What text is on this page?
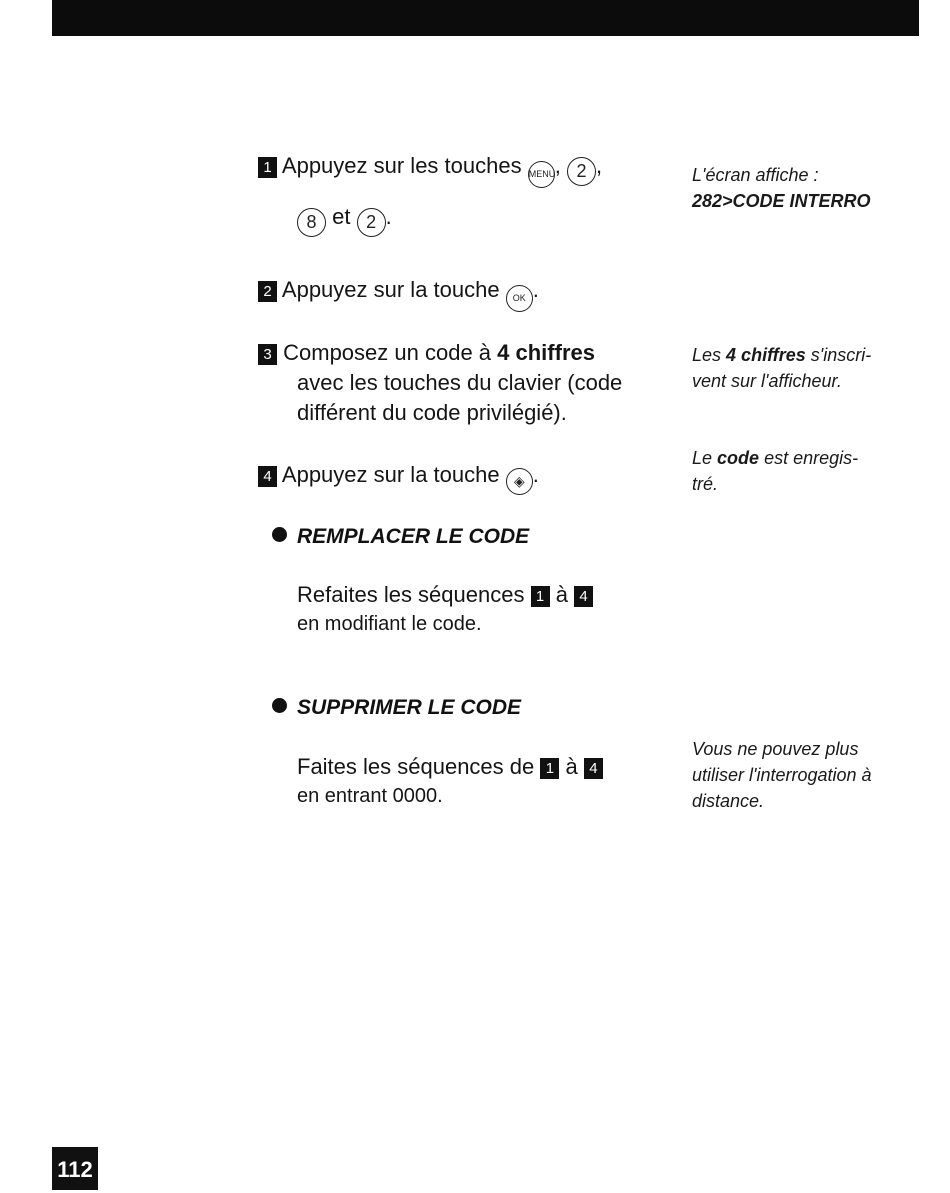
1 Appuyez sur les touches MENU, 2 ,
8 et 2 .
L'écran affiche :
282>CODE INTERRO
2 Appuyez sur la touche OK .
3 Composez un code à 4 chiffres
avec les touches du clavier (code
différent du code privilégié).
Les 4 chiffres s'inscri-
vent sur l'afficheur.
4 Appuyez sur la touche ◈ .
Le code est enregis-
tré.
REMPLACER LE CODE
Refaites les séquences 1 à 4
en modifiant le code.
SUPPRIMER LE CODE
Faites les séquences de 1 à 4
en entrant 0000.
Vous ne pouvez plus
utiliser l'interrogation à
distance.
112
